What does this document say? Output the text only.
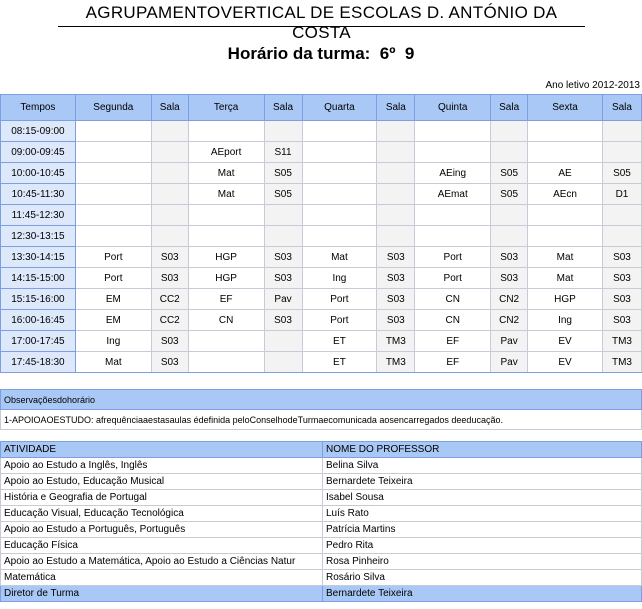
AGRUPAMENTOVERTICAL DE ESCOLAS D. ANTÓNIO DA COSTA
Horário da turma:  6º  9
Ano letivo 2012-2013
Tempos	Segunda	Sala	Terça	Sala	Quarta	Sala	Quinta	Sala	Sexta	Sala
08:15-09:00										
09:00-09:45			AEport	S11						
10:00-10:45			Mat	S05			AEing	S05	AE	S05
10:45-11:30			Mat	S05			AEmat	S05	AEcn	D1
11:45-12:30										
12:30-13:15										
13:30-14:15	Port	S03	HGP	S03	Mat	S03	Port	S03	Mat	S03
14:15-15:00	Port	S03	HGP	S03	Ing	S03	Port	S03	Mat	S03
15:15-16:00	EM	CC2	EF	Pav	Port	S03	CN	CN2	HGP	S03
16:00-16:45	EM	CC2	CN	S03	Port	S03	CN	CN2	Ing	S03
17:00-17:45	Ing	S03			ET	TM3	EF	Pav	EV	TM3
17:45-18:30	Mat	S03			ET	TM3	EF	Pav	EV	TM3
Observaçõesdohorário
1-APOIOAOESTUDO: afrequênciaaestasaulas édefinida peloConselhodeTurmaecomunicada aosencarregados deeducação.
ATIVIDADE	NOME DO PROFESSOR
Apoio ao Estudo a Inglês, Inglês	Belina Silva
Apoio ao Estudo, Educação Musical	Bernardete Teixeira
História e Geografia de Portugal	Isabel Sousa
Educação Visual, Educação Tecnológica	Luís Rato
Apoio ao Estudo a Português, Português	Patrícia Martins
Educação Física	Pedro Rita
Apoio ao Estudo a Matemática, Apoio ao Estudo a Ciências Natur	Rosa Pinheiro
Matemática	Rosário Silva
Diretor de Turma	Bernardete Teixeira
